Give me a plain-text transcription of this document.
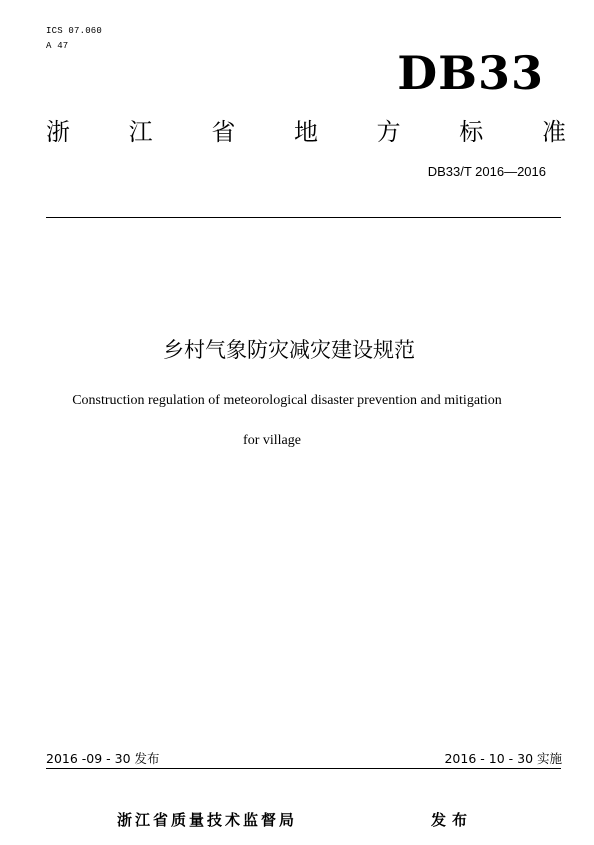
ICS 07.060
A 47	DB33
浙 江 省 地 方 标 准
DB33/T 2016—2016
乡村气象防灾减灾建设规范
Construction regulation of meteorological disaster prevention and mitigation
for village
2016 -09 - 30 发布	2016 - 10 - 30 实施
浙江省质量技术监督局	发布
